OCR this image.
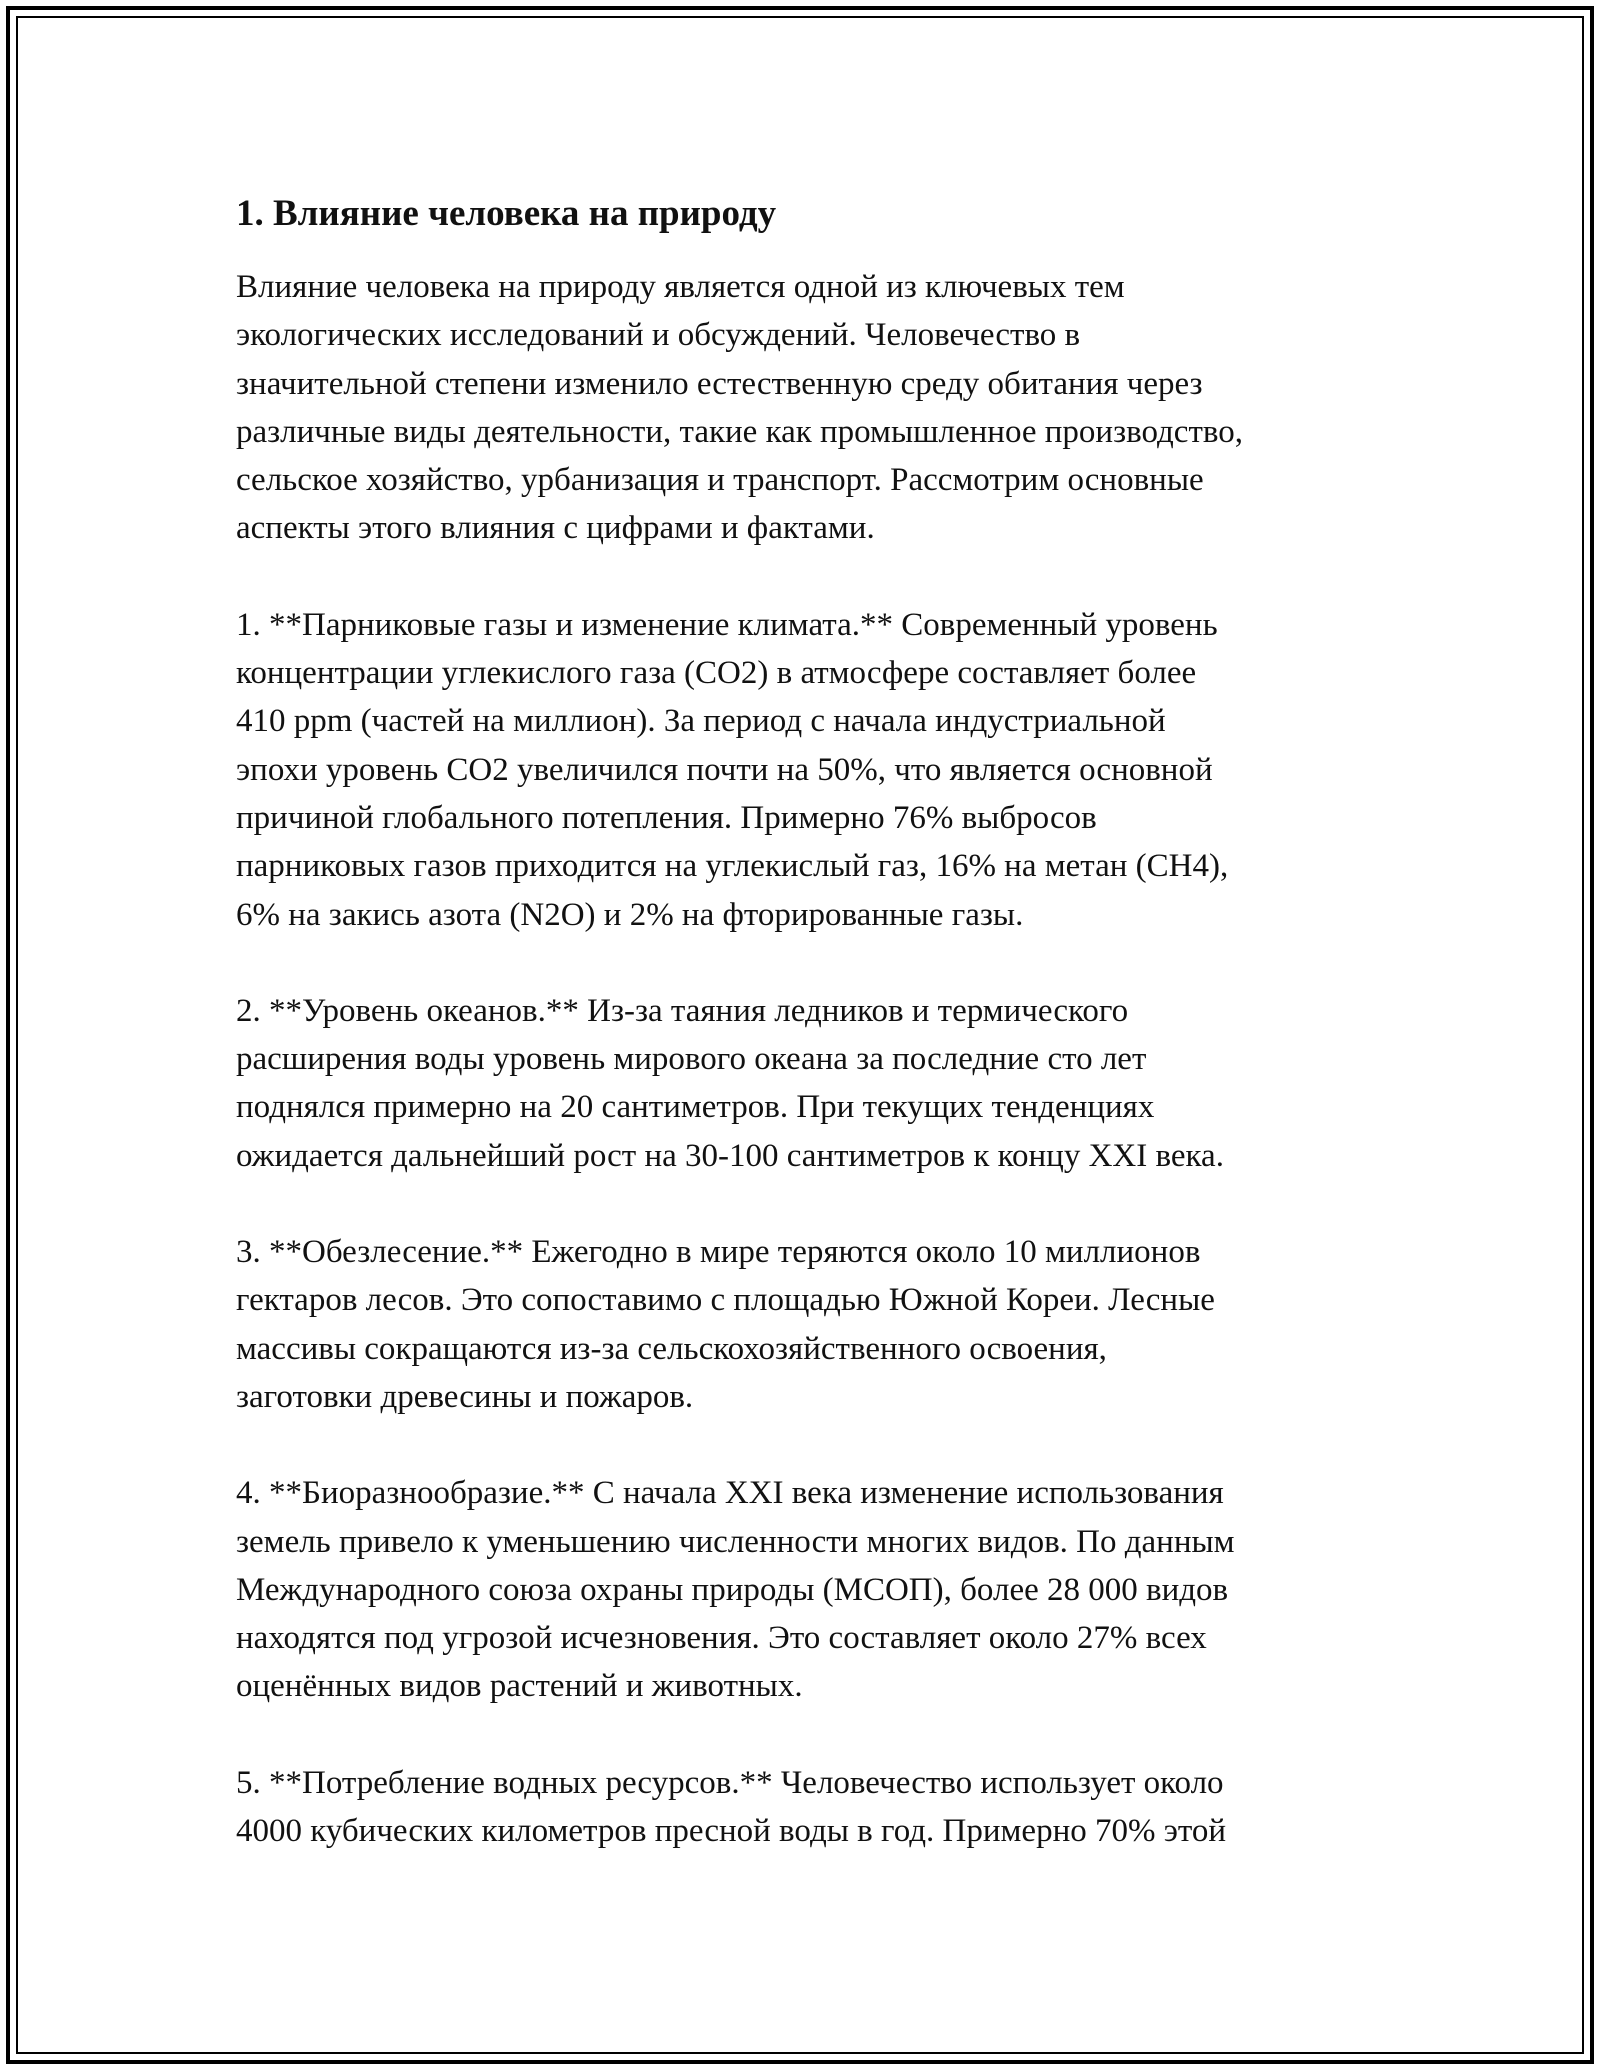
1. Влияние человека на природу
Влияние человека на природу является одной из ключевых тем
экологических исследований и обсуждений. Человечество в
значительной степени изменило естественную среду обитания через
различные виды деятельности, такие как промышленное производство,
сельское хозяйство, урбанизация и транспорт. Рассмотрим основные
аспекты этого влияния с цифрами и фактами.
1. **Парниковые газы и изменение климата.** Современный уровень
концентрации углекислого газа (CO2) в атмосфере составляет более
410 ppm (частей на миллион). За период с начала индустриальной
эпохи уровень CO2 увеличился почти на 50%, что является основной
причиной глобального потепления. Примерно 76% выбросов
парниковых газов приходится на углекислый газ, 16% на метан (CH4),
6% на закись азота (N2O) и 2% на фторированные газы.
2. **Уровень океанов.** Из-за таяния ледников и термического
расширения воды уровень мирового океана за последние сто лет
поднялся примерно на 20 сантиметров. При текущих тенденциях
ожидается дальнейший рост на 30-100 сантиметров к концу XXI века.
3. **Обезлесение.** Ежегодно в мире теряются около 10 миллионов
гектаров лесов. Это сопоставимо с площадью Южной Кореи. Лесные
массивы сокращаются из-за сельскохозяйственного освоения,
заготовки древесины и пожаров.
4. **Биоразнообразие.** С начала XXI века изменение использования
земель привело к уменьшению численности многих видов. По данным
Международного союза охраны природы (МСОП), более 28 000 видов
находятся под угрозой исчезновения. Это составляет около 27% всех
оценённых видов растений и животных.
5. **Потребление водных ресурсов.** Человечество использует около
4000 кубических километров пресной воды в год. Примерно 70% этой
